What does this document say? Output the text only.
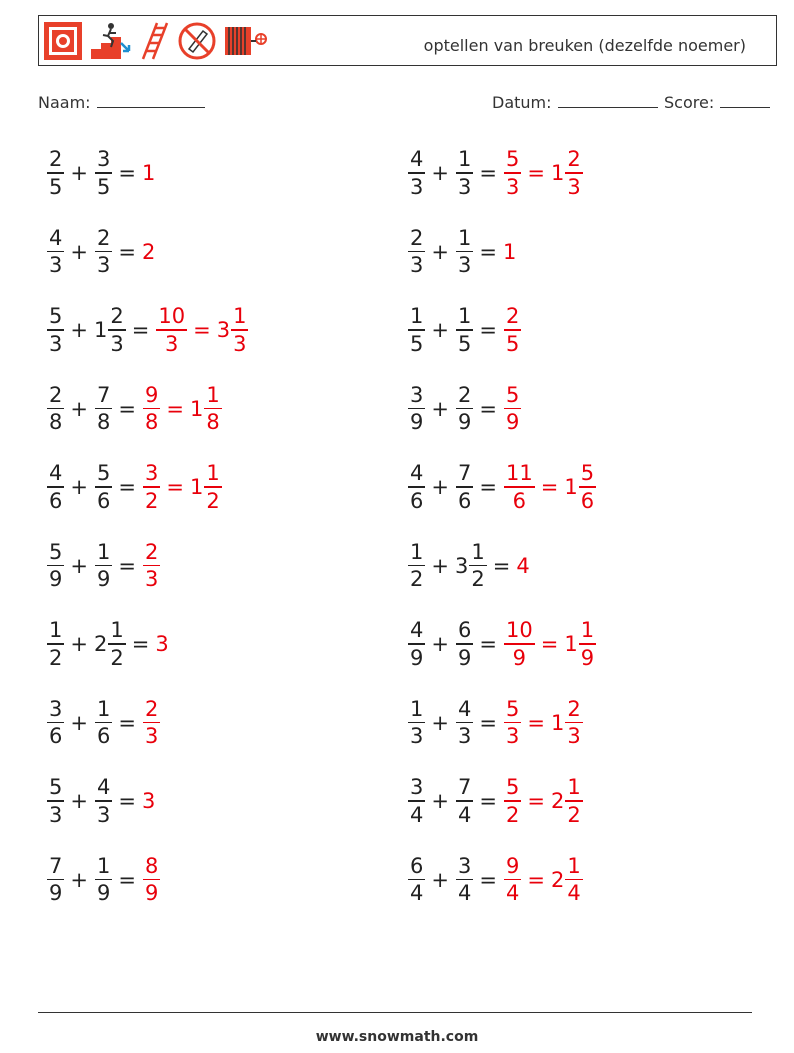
optellen van breuken (dezelfde noemer)
Naam:	Datum:	Score:
$\frac{2}{5} + \frac{3}{5} = 1$	$\frac{4}{3} + \frac{1}{3} = \frac{5}{3} = 1 \frac{2}{3}$
$\frac{4}{3} + \frac{2}{3} = 2$	$\frac{2}{3} + \frac{1}{3} = 1$
$\frac{5}{3} + 1 \frac{2}{3} = \frac{10}{3} = 3 \frac{1}{3}$	$\frac{1}{5} + \frac{1}{5} = \frac{2}{5}$
$\frac{2}{8} + \frac{7}{8} = \frac{9}{8} = 1 \frac{1}{8}$	$\frac{3}{9} + \frac{2}{9} = \frac{5}{9}$
$\frac{4}{6} + \frac{5}{6} = \frac{3}{2} = 1 \frac{1}{2}$	$\frac{4}{6} + \frac{7}{6} = \frac{11}{6} = 1 \frac{5}{6}$
$\frac{5}{9} + \frac{1}{9} = \frac{2}{3}$	$\frac{1}{2} + 3 \frac{1}{2} = 4$
$\frac{1}{2} + 2 \frac{1}{2} = 3$	$\frac{4}{9} + \frac{6}{9} = \frac{10}{9} = 1 \frac{1}{9}$
$\frac{3}{6} + \frac{1}{6} = \frac{2}{3}$	$\frac{1}{3} + \frac{4}{3} = \frac{5}{3} = 1 \frac{2}{3}$
$\frac{5}{3} + \frac{4}{3} = 3$	$\frac{3}{4} + \frac{7}{4} = \frac{5}{2} = 2 \frac{1}{2}$
$\frac{7}{9} + \frac{1}{9} = \frac{8}{9}$	$\frac{6}{4} + \frac{3}{4} = \frac{9}{4} = 2 \frac{1}{4}$
www.snowmath.com
